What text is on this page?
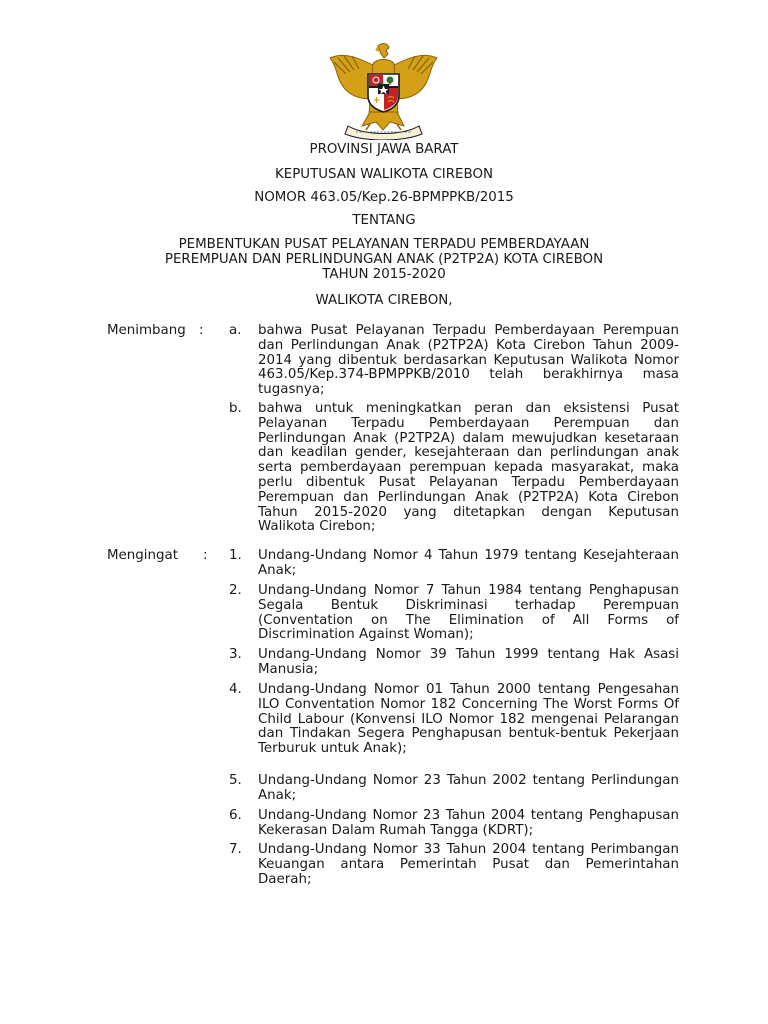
PROVINSI JAWA BARAT
KEPUTUSAN WALIKOTA CIREBON
NOMOR 463.05/Kep.26-BPMPPKB/2015
TENTANG
PEMBENTUKAN PUSAT PELAYANAN TERPADU PEMBERDAYAAN
PEREMPUAN DAN PERLINDUNGAN ANAK (P2TP2A) KOTA CIREBON
TAHUN 2015-2020
WALIKOTA CIREBON,
Menimbang : a.	bahwa Pusat Pelayanan Terpadu Pemberdayaan Perempuan dan Perlindungan Anak (P2TP2A) Kota Cirebon Tahun 2009-2014 yang dibentuk berdasarkan Keputusan Walikota Nomor 463.05/Kep.374-BPMPPKB/2010 telah berakhirnya masa tugasnya;
b.	bahwa untuk meningkatkan peran dan eksistensi Pusat Pelayanan Terpadu Pemberdayaan Perempuan dan Perlindungan Anak (P2TP2A) dalam mewujudkan kesetaraan dan keadilan gender, kesejahteraan dan perlindungan anak serta pemberdayaan perempuan kepada masyarakat, maka perlu dibentuk Pusat Pelayanan Terpadu Pemberdayaan Perempuan dan Perlindungan Anak (P2TP2A) Kota Cirebon Tahun 2015-2020 yang ditetapkan dengan Keputusan Walikota Cirebon;
Mengingat	: 1.	Undang-Undang Nomor 4 Tahun 1979 tentang Kesejahteraan Anak;
2.	Undang-Undang Nomor 7 Tahun 1984 tentang Penghapusan Segala Bentuk Diskriminasi terhadap Perempuan (Conventation on The Elimination of All Forms of Discrimination Against Woman);
3.	Undang-Undang Nomor 39 Tahun 1999 tentang Hak Asasi Manusia;
4.	Undang-Undang Nomor 01 Tahun 2000 tentang Pengesahan ILO Conventation Nomor 182 Concerning The Worst Forms Of Child Labour (Konvensi ILO Nomor 182 mengenai Pelarangan dan Tindakan Segera Penghapusan bentuk-bentuk Pekerjaan Terburuk untuk Anak);
5.	Undang-Undang Nomor 23 Tahun 2002 tentang Perlindungan Anak;
6.	Undang-Undang Nomor 23 Tahun 2004 tentang Penghapusan Kekerasan Dalam Rumah Tangga (KDRT);
7.	Undang-Undang Nomor 33 Tahun 2004 tentang Perimbangan Keuangan antara Pemerintah Pusat dan Pemerintahan Daerah;
